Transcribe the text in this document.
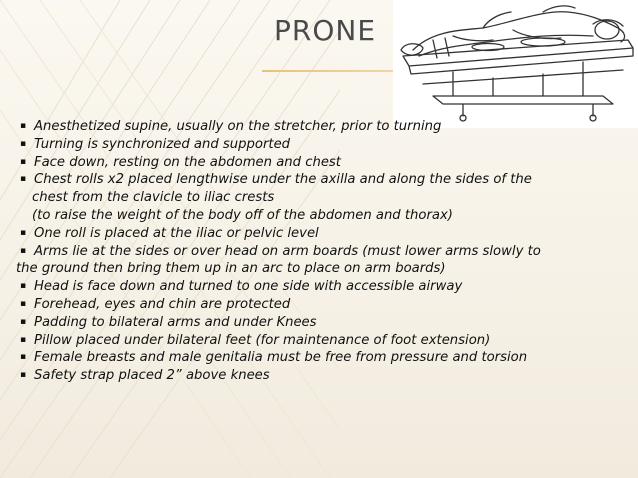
PRONE
▪ Anesthetized supine, usually on the stretcher, prior to turning
▪ Turning is synchronized and supported
▪ Face down, resting on the abdomen and chest
▪ Chest rolls x2 placed lengthwise under the axilla and along the sides of the
chest from the clavicle to iliac crests
(to raise the weight of the body off of the abdomen and thorax)
▪ One roll is placed at the iliac or pelvic level
▪ Arms lie at the sides or over head on arm boards (must lower arms slowly to
the ground then bring them up in an arc to place on arm boards)
▪ Head is face down and turned to one side with accessible airway
▪ Forehead, eyes and chin are protected
▪ Padding to bilateral arms and under Knees
▪ Pillow placed under bilateral feet (for maintenance of foot extension)
▪ Female breasts and male genitalia must be free from pressure and torsion
▪ Safety strap placed 2” above knees
